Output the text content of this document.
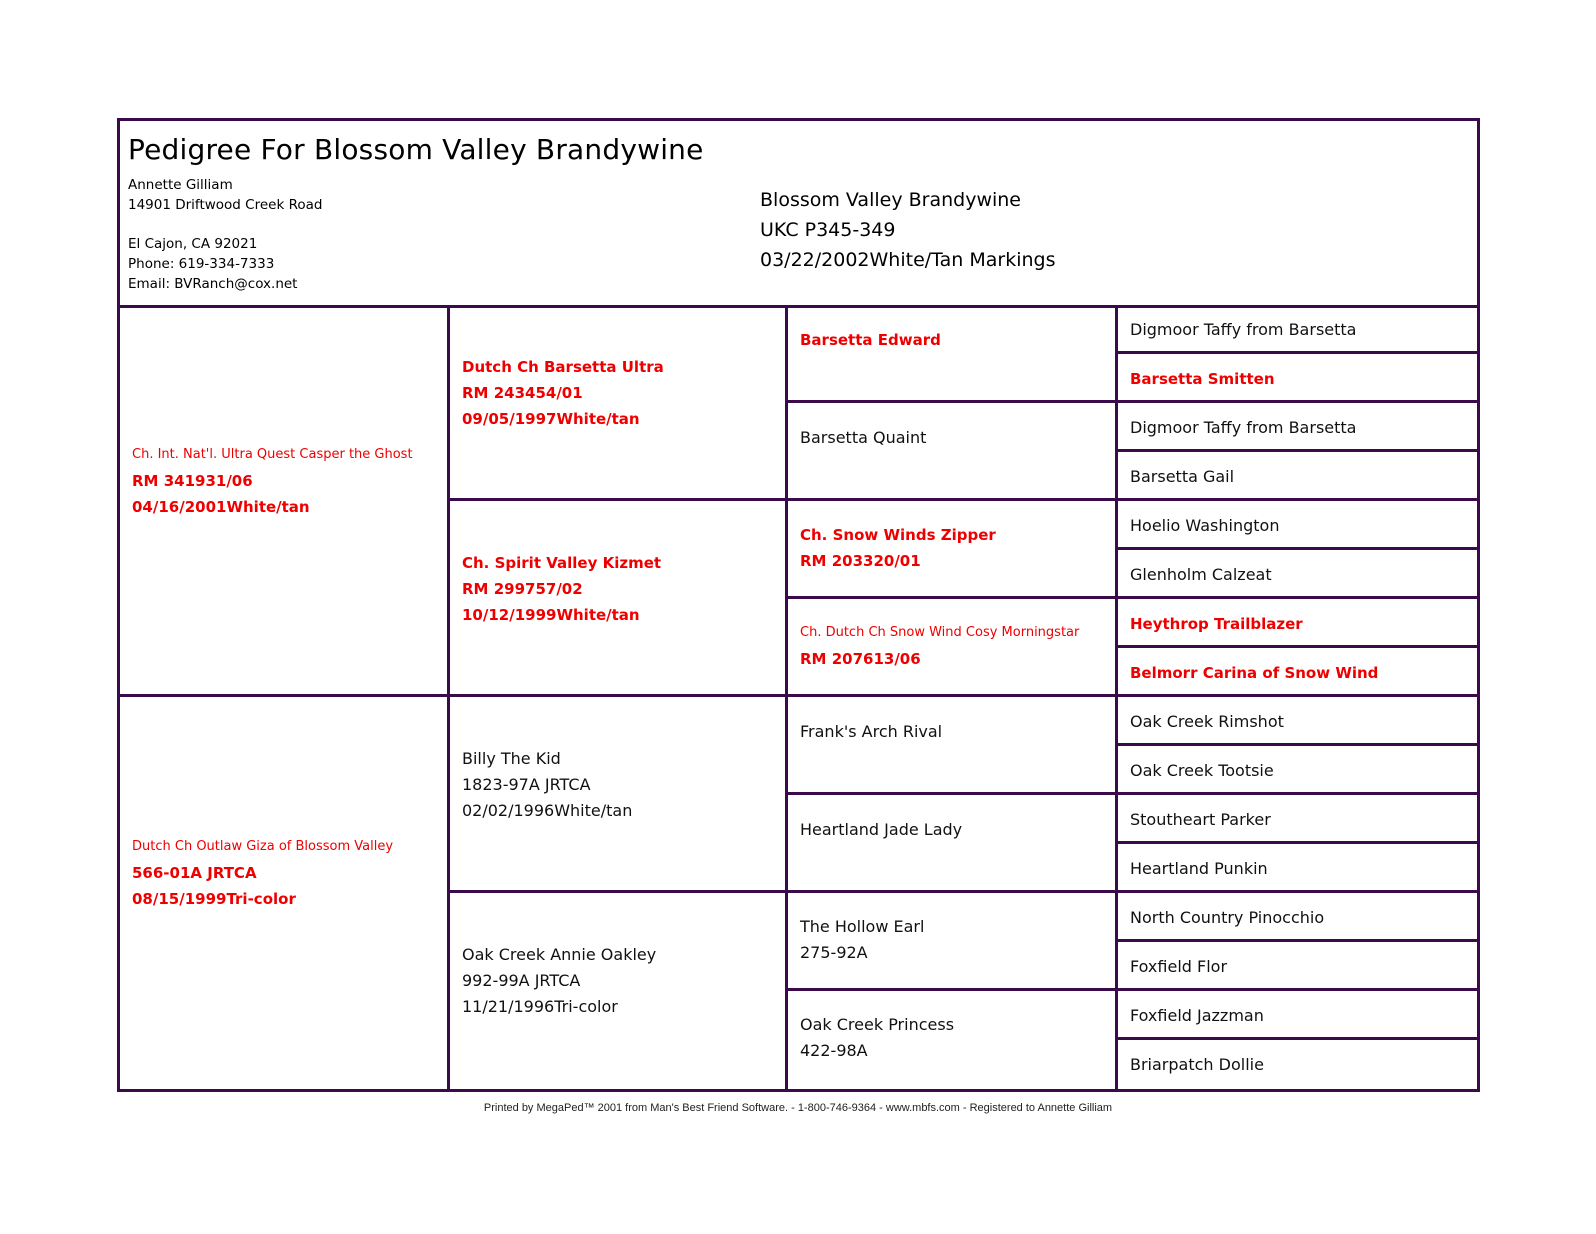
Pedigree For Blossom Valley Brandywine
Annette Gilliam
14901 Driftwood Creek Road
El Cajon, CA 92021
Phone: 619-334-7333
Email: BVRanch@cox.net
Blossom Valley Brandywine
UKC P345-349
03/22/2002White/Tan Markings
Ch. Int. Nat'l. Ultra Quest Casper the Ghost
RM 341931/06
04/16/2001White/tan
Dutch Ch Outlaw Giza of Blossom Valley
566-01A JRTCA
08/15/1999Tri-color
Dutch Ch Barsetta Ultra
RM 243454/01
09/05/1997White/tan
Ch. Spirit Valley Kizmet
RM 299757/02
10/12/1999White/tan
Billy The Kid
1823-97A JRTCA
02/02/1996White/tan
Oak Creek Annie Oakley
992-99A JRTCA
11/21/1996Tri-color
Barsetta Edward
Barsetta Quaint
Ch. Snow Winds Zipper
RM 203320/01
Ch. Dutch Ch Snow Wind Cosy Morningstar
RM 207613/06
Frank's Arch Rival
Heartland Jade Lady
The Hollow Earl
275-92A
Oak Creek Princess
422-98A
Digmoor Taffy from Barsetta
Barsetta Smitten
Digmoor Taffy from Barsetta
Barsetta Gail
Hoelio Washington
Glenholm Calzeat
Heythrop Trailblazer
Belmorr Carina of Snow Wind
Oak Creek Rimshot
Oak Creek Tootsie
Stoutheart Parker
Heartland Punkin
North Country Pinocchio
Foxfield Flor
Foxfield Jazzman
Briarpatch Dollie
Printed by MegaPed™ 2001 from Man's Best Friend Software. - 1-800-746-9364 - www.mbfs.com - Registered to Annette Gilliam
